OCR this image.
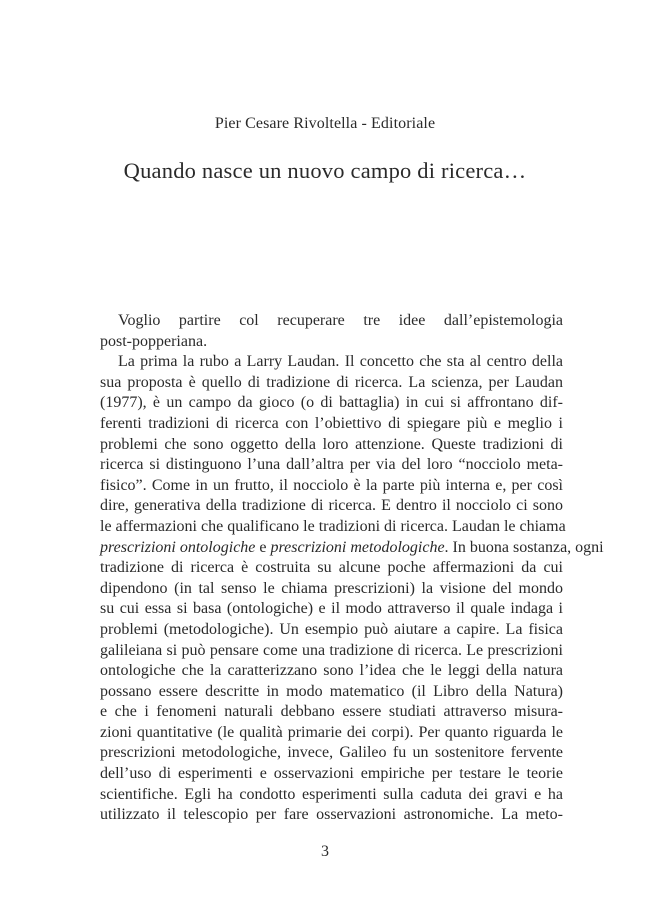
Pier Cesare Rivoltella - Editoriale
Quando nasce un nuovo campo di ricerca…

Voglio partire col recuperare tre idee dall’epistemologia
post-popperiana.

La prima la rubo a Larry Laudan. Il concetto che sta al centro della
sua proposta è quello di tradizione di ricerca. La scienza, per Laudan
(1977), è un campo da gioco (o di battaglia) in cui si affrontano dif-
ferenti tradizioni di ricerca con l’obiettivo di spiegare più e meglio i
problemi che sono oggetto della loro attenzione. Queste tradizioni di
ricerca si distinguono l’una dall’altra per via del loro “nocciolo meta-
fisico”. Come in un frutto, il nocciolo è la parte più interna e, per così
dire, generativa della tradizione di ricerca. E dentro il nocciolo ci sono
le affermazioni che qualificano le tradizioni di ricerca. Laudan le chiama
prescrizioni ontologiche e prescrizioni metodologiche. In buona sostanza, ogni
tradizione di ricerca è costruita su alcune poche affermazioni da cui
dipendono (in tal senso le chiama prescrizioni) la visione del mondo
su cui essa si basa (ontologiche) e il modo attraverso il quale indaga i
problemi (metodologiche). Un esempio può aiutare a capire. La fisica
galileiana si può pensare come una tradizione di ricerca. Le prescrizioni
ontologiche che la caratterizzano sono l’idea che le leggi della natura
possano essere descritte in modo matematico (il Libro della Natura)
e che i fenomeni naturali debbano essere studiati attraverso misura-
zioni quantitative (le qualità primarie dei corpi). Per quanto riguarda le
prescrizioni metodologiche, invece, Galileo fu un sostenitore fervente
dell’uso di esperimenti e osservazioni empiriche per testare le teorie
scientifiche. Egli ha condotto esperimenti sulla caduta dei gravi e ha
utilizzato il telescopio per fare osservazioni astronomiche. La meto-

3
